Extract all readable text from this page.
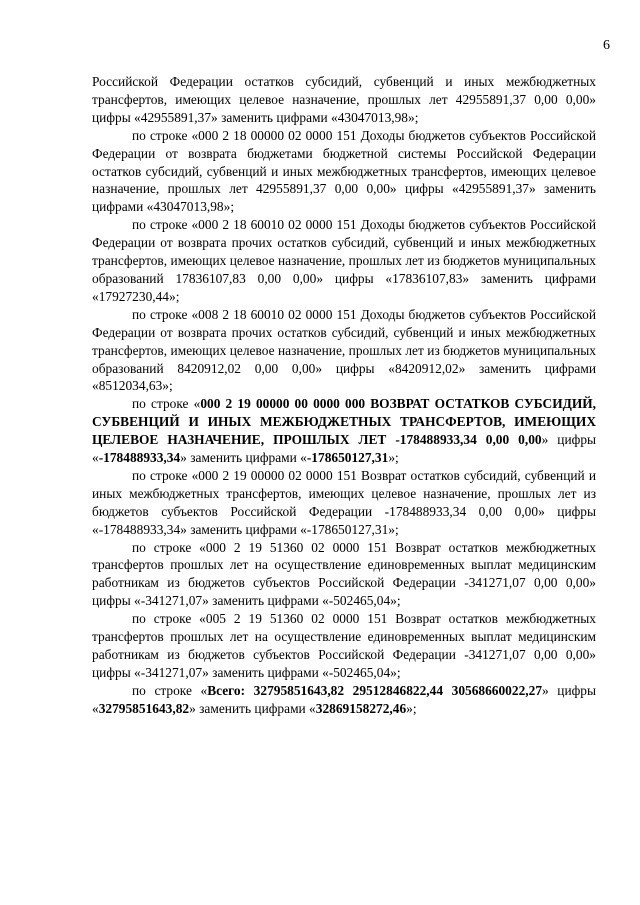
6

Российской Федерации остатков субсидий, субвенций и иных межбюджетных трансфертов, имеющих целевое назначение, прошлых лет 42955891,37 0,00 0,00» цифры «42955891,37» заменить цифрами «43047013,98»;

по строке «000 2 18 00000 02 0000 151 Доходы бюджетов субъектов Российской Федерации от возврата бюджетами бюджетной системы Российской Федерации остатков субсидий, субвенций и иных межбюджетных трансфертов, имеющих целевое назначение, прошлых лет 42955891,37 0,00 0,00» цифры «42955891,37» заменить цифрами «43047013,98»;

по строке «000 2 18 60010 02 0000 151 Доходы бюджетов субъектов Российской Федерации от возврата прочих остатков субсидий, субвенций и иных межбюджетных трансфертов, имеющих целевое назначение, прошлых лет из бюджетов муниципальных образований 17836107,83 0,00 0,00» цифры «17836107,83» заменить цифрами «17927230,44»;

по строке «008 2 18 60010 02 0000 151 Доходы бюджетов субъектов Российской Федерации от возврата прочих остатков субсидий, субвенций и иных межбюджетных трансфертов, имеющих целевое назначение, прошлых лет из бюджетов муниципальных образований 8420912,02 0,00 0,00» цифры «8420912,02» заменить цифрами «8512034,63»;

по строке «000 2 19 00000 00 0000 000 ВОЗВРАТ ОСТАТКОВ СУБСИДИЙ, СУБВЕНЦИЙ И ИНЫХ МЕЖБЮДЖЕТНЫХ ТРАНСФЕРТОВ, ИМЕЮЩИХ ЦЕЛЕВОЕ НАЗНАЧЕНИЕ, ПРОШЛЫХ ЛЕТ -178488933,34 0,00 0,00» цифры «-178488933,34» заменить цифрами «-178650127,31»;

по строке «000 2 19 00000 02 0000 151 Возврат остатков субсидий, субвенций и иных межбюджетных трансфертов, имеющих целевое назначение, прошлых лет из бюджетов субъектов Российской Федерации -178488933,34 0,00 0,00» цифры «-178488933,34» заменить цифрами «-178650127,31»;

по строке «000 2 19 51360 02 0000 151 Возврат остатков межбюджетных трансфертов прошлых лет на осуществление единовременных выплат медицинским работникам из бюджетов субъектов Российской Федерации -341271,07 0,00 0,00» цифры «-341271,07» заменить цифрами «-502465,04»;

по строке «005 2 19 51360 02 0000 151 Возврат остатков межбюджетных трансфертов прошлых лет на осуществление единовременных выплат медицинским работникам из бюджетов субъектов Российской Федерации -341271,07 0,00 0,00» цифры «-341271,07» заменить цифрами «-502465,04»;

по строке «Всего: 32795851643,82 29512846822,44 30568660022,27» цифры «32795851643,82» заменить цифрами «32869158272,46»;
